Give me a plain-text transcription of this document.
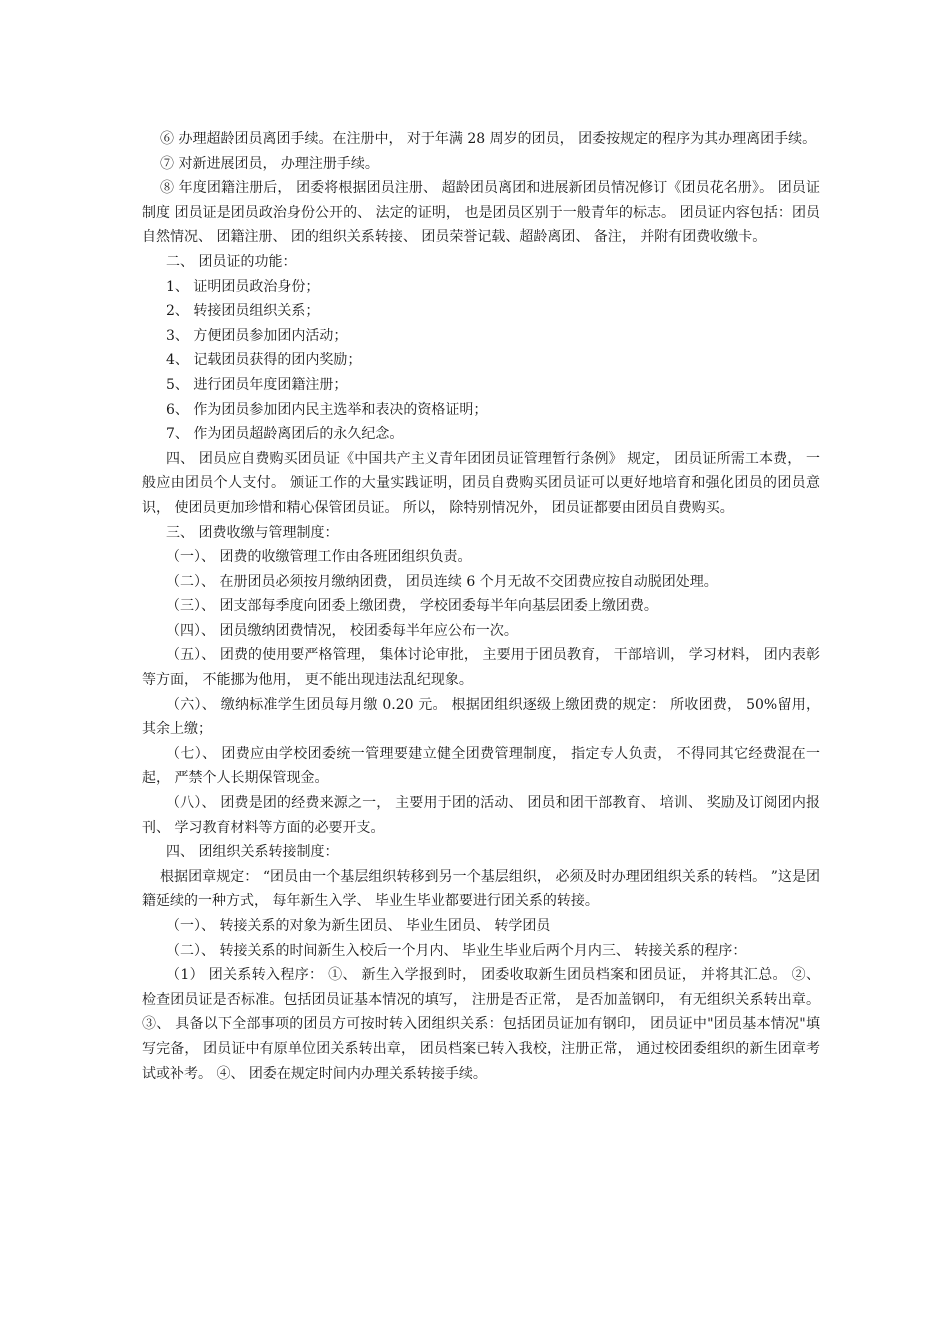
⑥ 办理超龄团员离团手续。在注册中， 对于年满 28 周岁的团员， 团委按规定的程序为其办理离团手续。

⑦ 对新进展团员， 办理注册手续。

⑧ 年度团籍注册后， 团委将根据团员注册、 超龄团员离团和进展新团员情况修订《团员花名册》。 团员证制度 团员证是团员政治身份公开的、 法定的证明， 也是团员区别于一般青年的标志。 团员证内容包括：团员自然情况、 团籍注册、 团的组织关系转接、 团员荣誉记载、超龄离团、 备注， 并附有团费收缴卡。

二、 团员证的功能：

1、 证明团员政治身份；

2、 转接团员组织关系；

3、 方便团员参加团内活动；

4、 记载团员获得的团内奖励；

5、 进行团员年度团籍注册；

6、 作为团员参加团内民主选举和表决的资格证明；

7、 作为团员超龄离团后的永久纪念。

四、 团员应自费购买团员证《中国共产主义青年团团员证管理暂行条例》 规定， 团员证所需工本费， 一般应由团员个人支付。 颁证工作的大量实践证明，团员自费购买团员证可以更好地培育和强化团员的团员意识， 使团员更加珍惜和精心保管团员证。 所以， 除特别情况外， 团员证都要由团员自费购买。

三、 团费收缴与管理制度：

（一）、 团费的收缴管理工作由各班团组织负责。

（二）、 在册团员必须按月缴纳团费， 团员连续 6 个月无故不交团费应按自动脱团处理。

（三）、 团支部每季度向团委上缴团费， 学校团委每半年向基层团委上缴团费。

（四）、 团员缴纳团费情况， 校团委每半年应公布一次。

（五）、 团费的使用要严格管理， 集体讨论审批， 主要用于团员教育， 干部培训， 学习材料， 团内表彰等方面， 不能挪为他用， 更不能出现违法乱纪现象。

（六）、 缴纳标准学生团员每月缴 0.20 元。 根据团组织逐级上缴团费的规定： 所收团费， 50%留用， 其余上缴；

（七）、 团费应由学校团委统一管理要建立健全团费管理制度， 指定专人负责， 不得同其它经费混在一起， 严禁个人长期保管现金。

（八）、 团费是团的经费来源之一， 主要用于团的活动、 团员和团干部教育、 培训、 奖励及订阅团内报刊、 学习教育材料等方面的必要开支。

四、 团组织关系转接制度：

根据团章规定： “团员由一个基层组织转移到另一个基层组织， 必须及时办理团组织关系的转档。 ”这是团籍延续的一种方式， 每年新生入学、 毕业生毕业都要进行团关系的转接。

（一）、 转接关系的对象为新生团员、 毕业生团员、 转学团员

（二）、 转接关系的时间新生入校后一个月内、 毕业生毕业后两个月内三、 转接关系的程序：

（1） 团关系转入程序： ①、 新生入学报到时， 团委收取新生团员档案和团员证， 并将其汇总。 ②、 检查团员证是否标准。包括团员证基本情况的填写， 注册是否正常， 是否加盖钢印， 有无组织关系转出章。 ③、 具备以下全部事项的团员方可按时转入团组织关系：包括团员证加有钢印， 团员证中"团员基本情况"填写完备， 团员证中有原单位团关系转出章， 团员档案已转入我校，注册正常， 通过校团委组织的新生团章考试或补考。 ④、 团委在规定时间内办理关系转接手续。
